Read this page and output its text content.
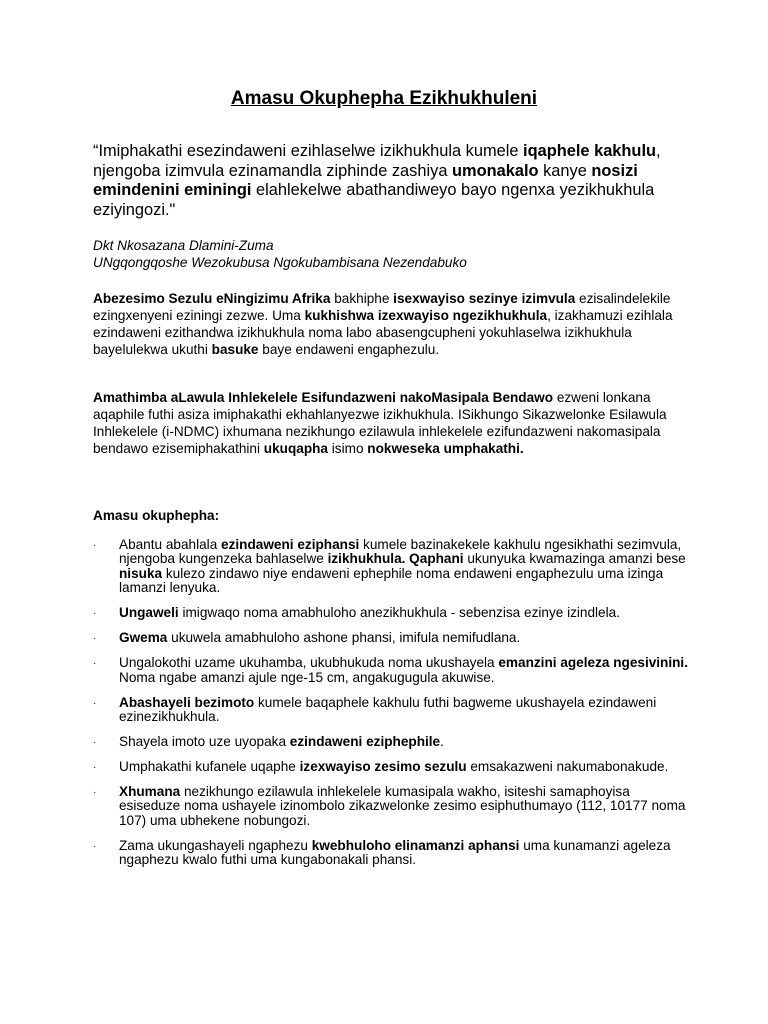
Amasu Okuphepha Ezikhukhuleni
“Imiphakathi esezindaweni ezihlaselwe izikhukhula kumele iqaphele kakhulu, njengoba izimvula ezinamandla ziphinde zashiya umonakalo kanye nosizi emindenini eminingi elahlekelwe abathandiweyo bayo ngenxa yezikhukhula eziyingozi."
Dkt Nkosazana Dlamini-Zuma
UNgqongqoshe Wezokubusa Ngokubambisana Nezendabuko
Abezesimo Sezulu eNingizimu Afrika bakhiphe isexwayiso sezinye izimvula ezisalindelekile ezingxenyeni eziningi zezwe. Uma kukhishwa izexwayiso ngezikhukhula, izakhamuzi ezihlala ezindaweni ezithandwa izikhukhula noma labo abasengcupheni yokuhlaselwa izikhukhula bayelulekwa ukuthi basuke baye endaweni engaphezulu.
Amathimba aLawula Inhlekelele Esifundazweni nakoMasipala Bendawo ezweni lonkana aqaphile futhi asiza imiphakathi ekhahlanyezwe izikhukhula. ISikhungo Sikazwelonke Esilawula Inhlekelele (i-NDMC) ixhumana nezikhungo ezilawula inhlekelele ezifundazweni nakomasipala bendawo ezisemiphakathini ukuqapha isimo nokweseka umphakathi.
Amasu okuphepha:
· Abantu abahlala ezindaweni eziphansi kumele bazinakekele kakhulu ngesikhathi sezimvula, njengoba kungenzeka bahlaselwe izikhukhula. Qaphani ukunyuka kwamazinga amanzi bese nisuka kulezo zindawo niye endaweni ephephile noma endaweni engaphezulu uma izinga lamanzi lenyuka.
· Ungaweli imigwaqo noma amabhuloho anezikhukhula - sebenzisa ezinye izindlela.
· Gwema ukuwela amabhuloho ashone phansi, imifula nemifudlana.
· Ungalokothi uzame ukuhamba, ukubhukuda noma ukushayela emanzini ageleza ngesivinini. Noma ngabe amanzi ajule nge-15 cm, angakugugula akuwise.
· Abashayeli bezimoto kumele baqaphele kakhulu futhi bagweme ukushayela ezindaweni ezinezikhukhula.
· Shayela imoto uze uyopaka ezindaweni eziphephile.
· Umphakathi kufanele uqaphe izexwayiso zesimo sezulu emsakazweni nakumabonakude.
· Xhumana nezikhungo ezilawula inhlekelele kumasipala wakho, isiteshi samaphoyisa esiseduze noma ushayele izinombolo zikazwelonke zesimo esiphuthumayo (112, 10177 noma 107) uma ubhekene nobungozi.
· Zama ukungashayeli ngaphezu kwebhuloho elinamanzi aphansi uma kunamanzi ageleza ngaphezu kwalo futhi uma kungabonakali phansi.
